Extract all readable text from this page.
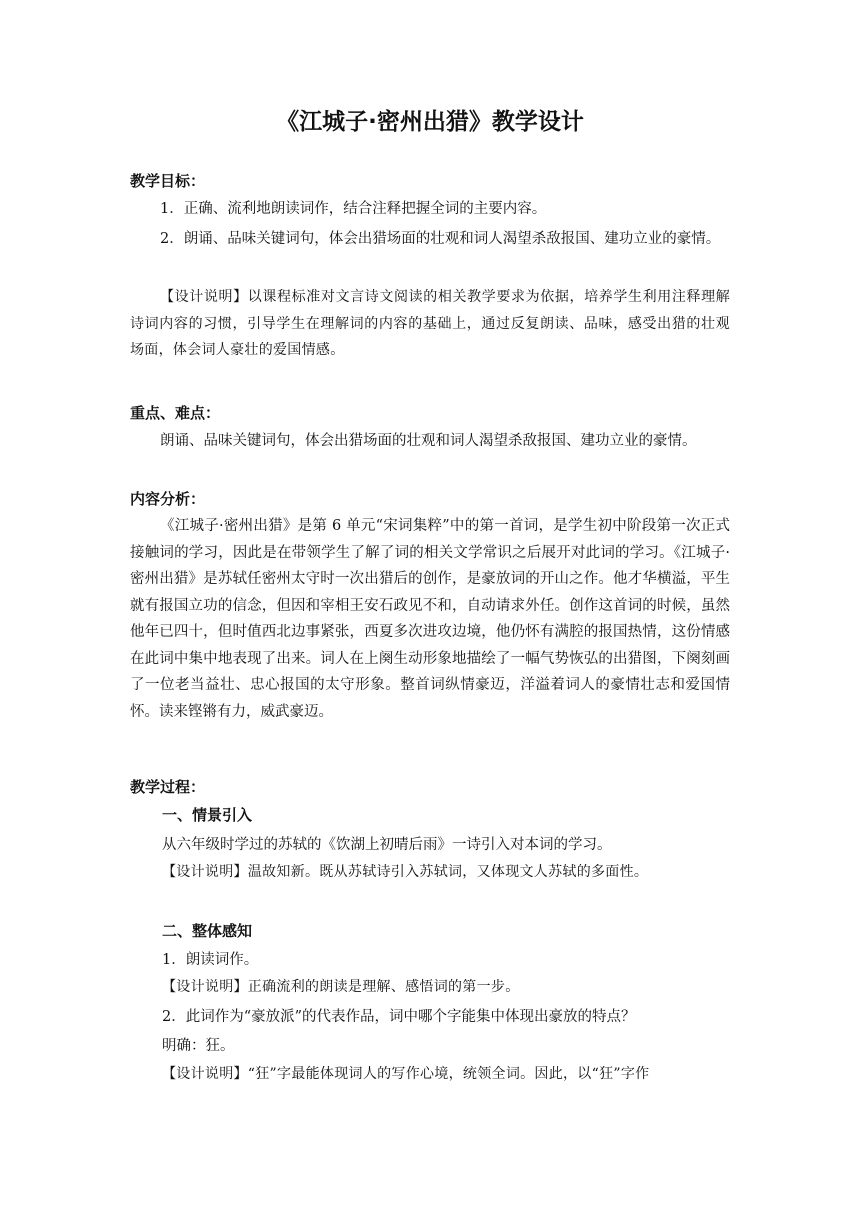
《江城子·密州出猎》教学设计
教学目标：
1．正确、流利地朗读词作，结合注释把握全词的主要内容。
2．朗诵、品味关键词句，体会出猎场面的壮观和词人渴望杀敌报国、建功立业的豪情。
【设计说明】以课程标准对文言诗文阅读的相关教学要求为依据，培养学生利用注释理解诗词内容的习惯，引导学生在理解词的内容的基础上，通过反复朗读、品味，感受出猎的壮观场面，体会词人豪壮的爱国情感。
重点、难点：
朗诵、品味关键词句，体会出猎场面的壮观和词人渴望杀敌报国、建功立业的豪情。
内容分析：
《江城子·密州出猎》是第 6 单元“宋词集粹”中的第一首词，是学生初中阶段第一次正式接触词的学习，因此是在带领学生了解了词的相关文学常识之后展开对此词的学习。《江城子·密州出猎》是苏轼任密州太守时一次出猎后的创作，是豪放词的开山之作。他才华横溢，平生就有报国立功的信念，但因和宰相王安石政见不和，自动请求外任。创作这首词的时候，虽然他年已四十，但时值西北边事紧张，西夏多次进攻边境，他仍怀有满腔的报国热情，这份情感在此词中集中地表现了出来。词人在上阕生动形象地描绘了一幅气势恢弘的出猎图，下阕刻画了一位老当益壮、忠心报国的太守形象。整首词纵情豪迈，洋溢着词人的豪情壮志和爱国情怀。读来铿锵有力，威武豪迈。
教学过程：
一、情景引入
从六年级时学过的苏轼的《饮湖上初晴后雨》一诗引入对本词的学习。
【设计说明】温故知新。既从苏轼诗引入苏轼词，又体现文人苏轼的多面性。
二、整体感知
1．朗读词作。
【设计说明】正确流利的朗读是理解、感悟词的第一步。
2．此词作为“豪放派”的代表作品，词中哪个字能集中体现出豪放的特点？
明确：狂。
【设计说明】“狂”字最能体现词人的写作心境，统领全词。因此，以“狂”字作
